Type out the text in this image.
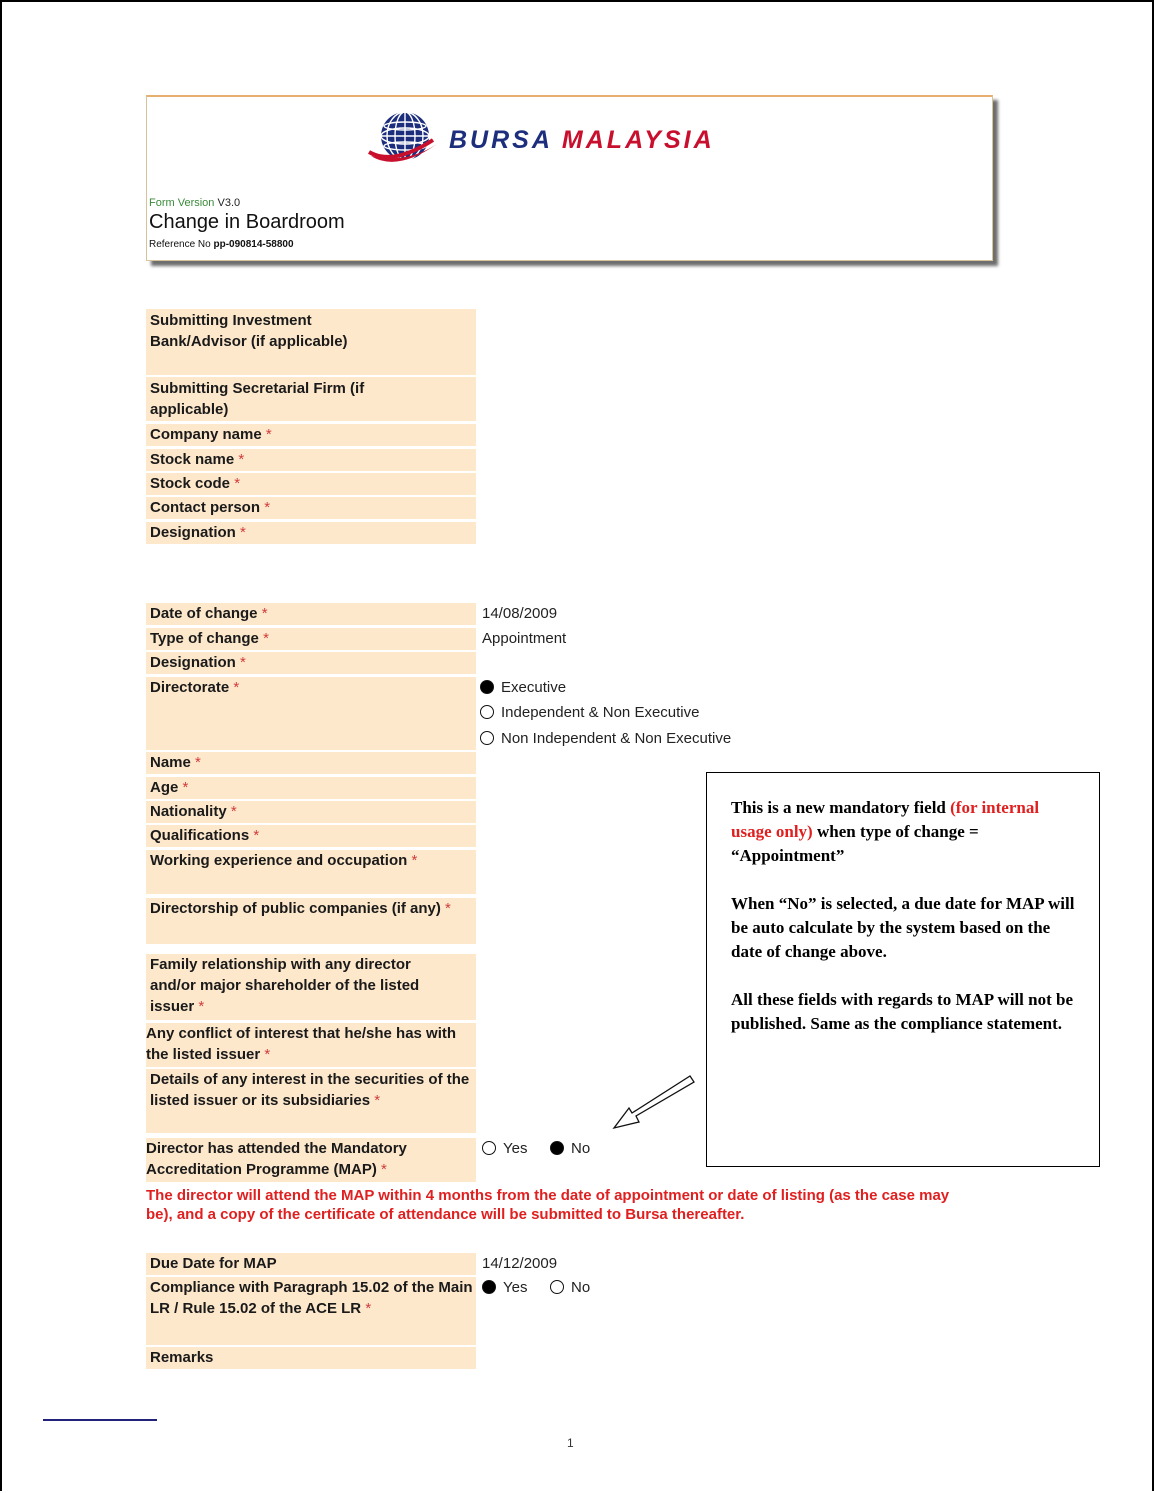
BURSA MALAYSIA
Form Version V3.0
Change in Boardroom
Reference No pp-090814-58800
Submitting Investment Bank/Advisor (if applicable)
Submitting Secretarial Firm (if applicable)
Company name *
Stock name *
Stock code *
Contact person *
Designation *
Date of change *	14/08/2009
Type of change *	Appointment
Designation *
Directorate *	Executive
Independent & Non Executive
Non Independent & Non Executive
Name *
Age *
Nationality *
Qualifications *
Working experience and occupation *
Directorship of public companies (if any) *
Family relationship with any director and/or major shareholder of the listed issuer *
Any conflict of interest that he/she has with the listed issuer *
Details of any interest in the securities of the listed issuer or its subsidiaries *
Director has attended the Mandatory Accreditation Programme (MAP) *
Yes	No
The director will attend the MAP within 4 months from the date of appointment or date of listing (as the case may be), and a copy of the certificate of attendance will be submitted to Bursa thereafter.
Due Date for MAP	14/12/2009
Compliance with Paragraph 15.02 of the Main LR / Rule 15.02 of the ACE LR *
Yes	No
Remarks

This is a new mandatory field (for internal usage only) when type of change = “Appointment”

When “No” is selected, a due date for MAP will be auto calculate by the system based on the date of change above.

All these fields with regards to MAP will not be published. Same as the compliance statement.

1
